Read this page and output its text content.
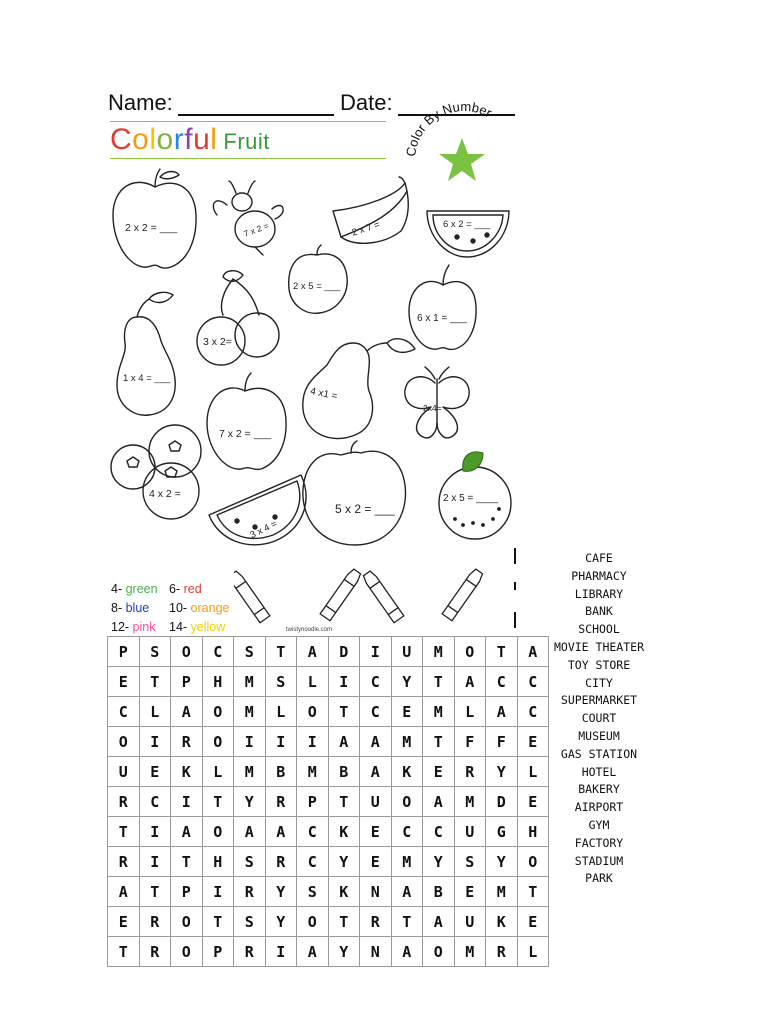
Name:	Date:
Colorful Fruit	Color By Number
2 x 2 = ___	7 x 2 =	2 x 7 =	6 x 2 = ___
2 x 5 = ___
3 x 2=
6 x 1 = ___
1 x 4 = ___
4 x1 =
2x4=
7 x 2 = ___
4 x 2 =
3 x 4 =
5 x 2 = ___
2 x 5 = ____
4- green 6- red
8- blue	10- orange
12- pink	14- yellow	twistynoodle.com
P	S	O	C	S	T	A	D	I	U	M	O	T	A
E	T	P	H	M	S	L	I	C	Y	T	A	C	C
C	L	A	O	M	L	O	T	C	E	M	L	A	C
O	I	R	O	I	I	I	A	A	M	T	F	F	E
U	E	K	L	M	B	M	B	A	K	E	R	Y	L
R	C	I	T	Y	R	P	T	U	O	A	M	D	E
T	I	A	O	A	A	C	K	E	C	C	U	G	H
R	I	T	H	S	R	C	Y	E	M	Y	S	Y	O
A	T	P	I	R	Y	S	K	N	A	B	E	M	T
E	R	O	T	S	Y	O	T	R	T	A	U	K	E
T	R	O	P	R	I	A	Y	N	A	O	M	R	L
CAFE
PHARMACY
LIBRARY
BANK
SCHOOL
MOVIE THEATER
TOY STORE
CITY
SUPERMARKET
COURT
MUSEUM
GAS STATION
HOTEL
BAKERY
AIRPORT
GYM
FACTORY
STADIUM
PARK
